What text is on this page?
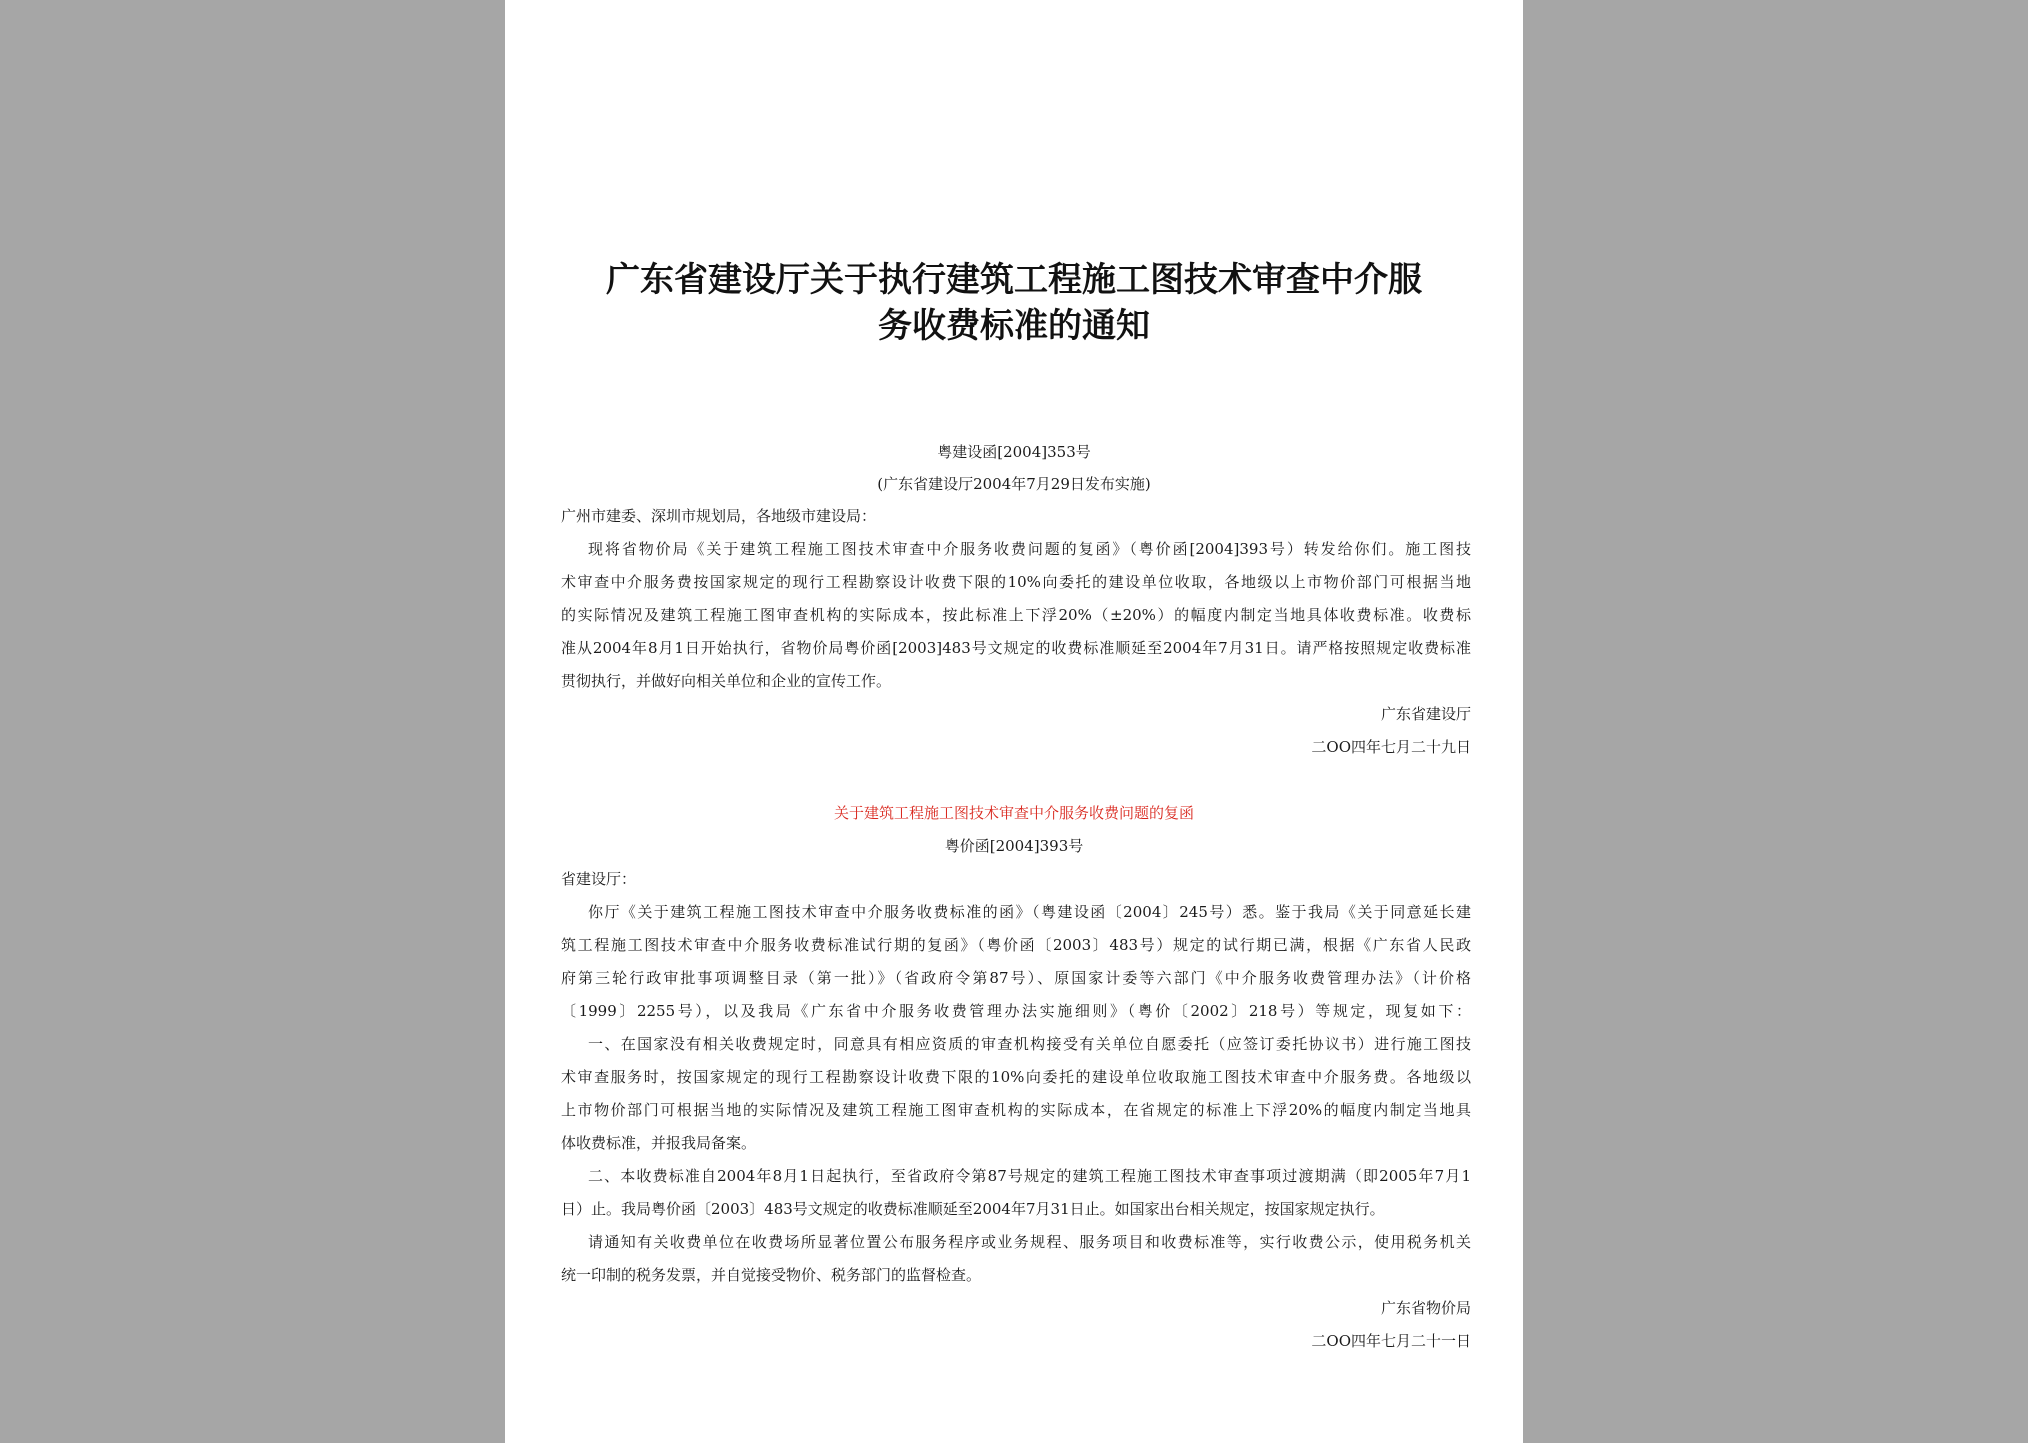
广东省建设厅关于执行建筑工程施工图技术审查中介服
务收费标准的通知
粤建设函[2004]353号
(广东省建设厅2004年7月29日发布实施)
广州市建委、深圳市规划局，各地级市建设局：
现将省物价局《关于建筑工程施工图技术审查中介服务收费问题的复函》（粤价函[2004]393号）转发给你们。施工图技
术审查中介服务费按国家规定的现行工程勘察设计收费下限的10%向委托的建设单位收取，各地级以上市物价部门可根据当地
的实际情况及建筑工程施工图审查机构的实际成本，按此标准上下浮20%（±20%）的幅度内制定当地具体收费标准。收费标
准从2004年8月1日开始执行，省物价局粤价函[2003]483号文规定的收费标准顺延至2004年7月31日。请严格按照规定收费标准
贯彻执行，并做好向相关单位和企业的宣传工作。
广东省建设厅
二OO四年七月二十九日
关于建筑工程施工图技术审查中介服务收费问题的复函
粤价函[2004]393号
省建设厅：
你厅《关于建筑工程施工图技术审查中介服务收费标准的函》（粤建设函〔2004〕245号）悉。鉴于我局《关于同意延长建
筑工程施工图技术审查中介服务收费标准试行期的复函》（粤价函〔2003〕483号）规定的试行期已满，根据《广东省人民政
府第三轮行政审批事项调整目录（第一批）》（省政府令第87号）、原国家计委等六部门《中介服务收费管理办法》（计价格
〔1999〕2255号），以及我局《广东省中介服务收费管理办法实施细则》（粤价〔2002〕218号）等规定，现复如下：
一、在国家没有相关收费规定时，同意具有相应资质的审查机构接受有关单位自愿委托（应签订委托协议书）进行施工图技
术审查服务时，按国家规定的现行工程勘察设计收费下限的10%向委托的建设单位收取施工图技术审查中介服务费。各地级以
上市物价部门可根据当地的实际情况及建筑工程施工图审查机构的实际成本，在省规定的标准上下浮20%的幅度内制定当地具
体收费标准，并报我局备案。
二、本收费标准自2004年8月1日起执行，至省政府令第87号规定的建筑工程施工图技术审查事项过渡期满（即2005年7月1
日）止。我局粤价函〔2003〕483号文规定的收费标准顺延至2004年7月31日止。如国家出台相关规定，按国家规定执行。
请通知有关收费单位在收费场所显著位置公布服务程序或业务规程、服务项目和收费标准等，实行收费公示，使用税务机关
统一印制的税务发票，并自觉接受物价、税务部门的监督检查。
广东省物价局
二OO四年七月二十一日
